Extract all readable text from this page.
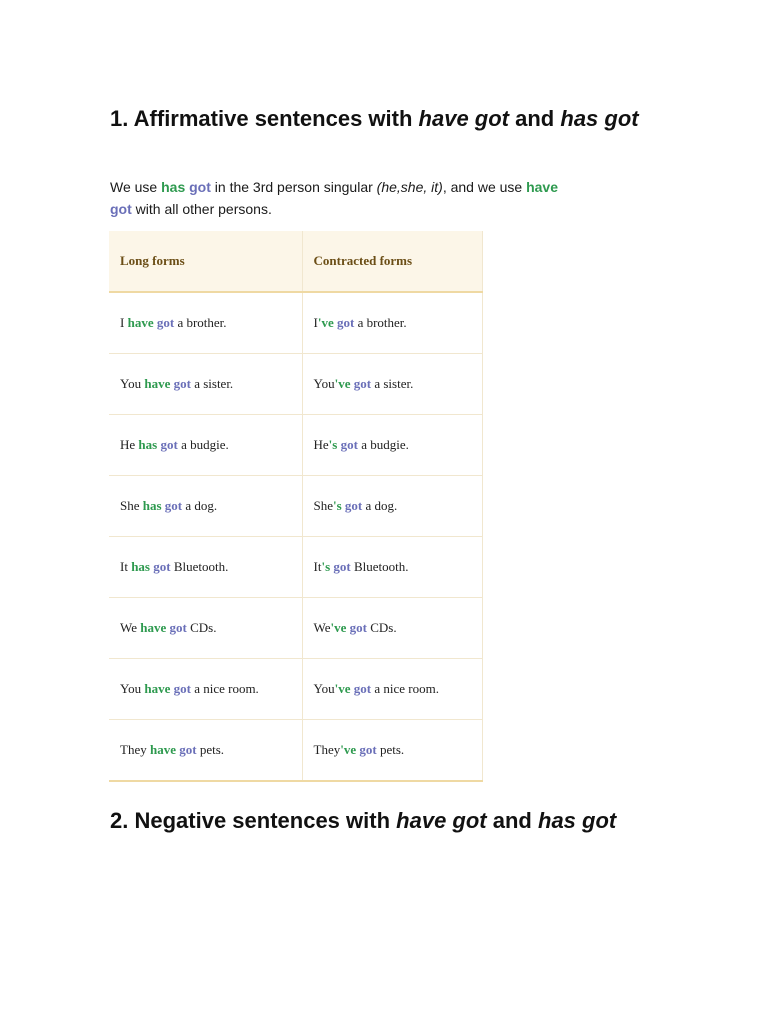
1. Affirmative sentences with have got and has got

We use has got in the 3rd person singular (he,she, it), and we use have got with all other persons.

Long forms	Contracted forms
I have got a brother.	I've got a brother.
You have got a sister.	You've got a sister.
He has got a budgie.	He's got a budgie.
She has got a dog.	She's got a dog.
It has got Bluetooth.	It's got Bluetooth.
We have got CDs.	We've got CDs.
You have got a nice room.	You've got a nice room.
They have got pets.	They've got pets.
2. Negative sentences with have got and has got
